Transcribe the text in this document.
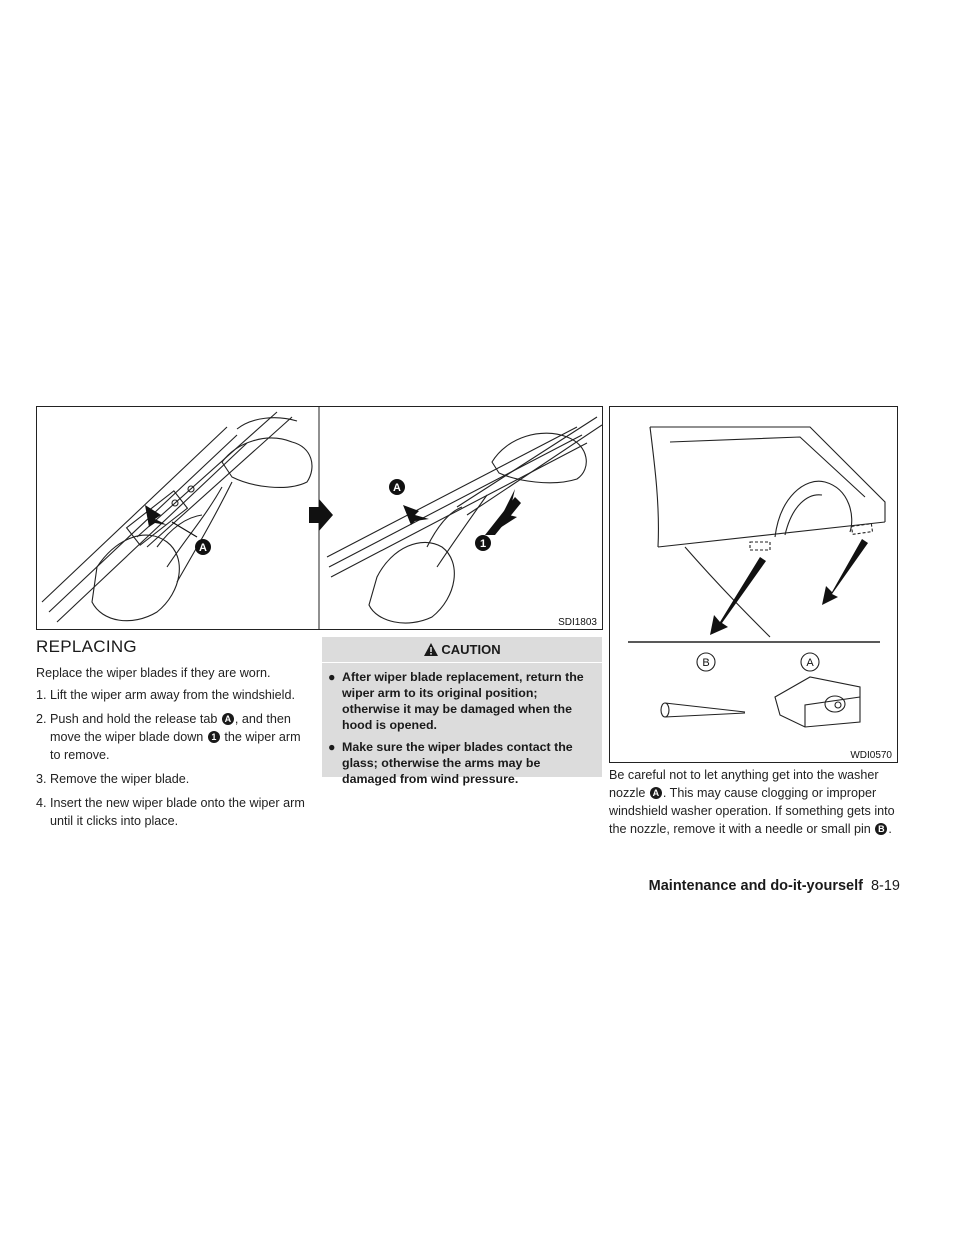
A
A
1
SDI1803
B	A
WDI0570
REPLACING

Replace the wiper blades if they are worn.

1. Lift the wiper arm away from the windshield.
2. Push and hold the release tab A , and then move the wiper blade down 1 the wiper arm to remove.
3. Remove the wiper blade.
4. Insert the new wiper blade onto the wiper arm until it clicks into place.
CAUTION
● After wiper blade replacement, return the wiper arm to its original position; otherwise it may be damaged when the hood is opened.
● Make sure the wiper blades contact the glass; otherwise the arms may be damaged from wind pressure.	Be careful not to let anything get into the washer nozzle A . This may cause clogging or improper windshield washer operation. If something gets into the nozzle, remove it with a needle or small pin B .

Maintenance and do-it-yourself 8-19
